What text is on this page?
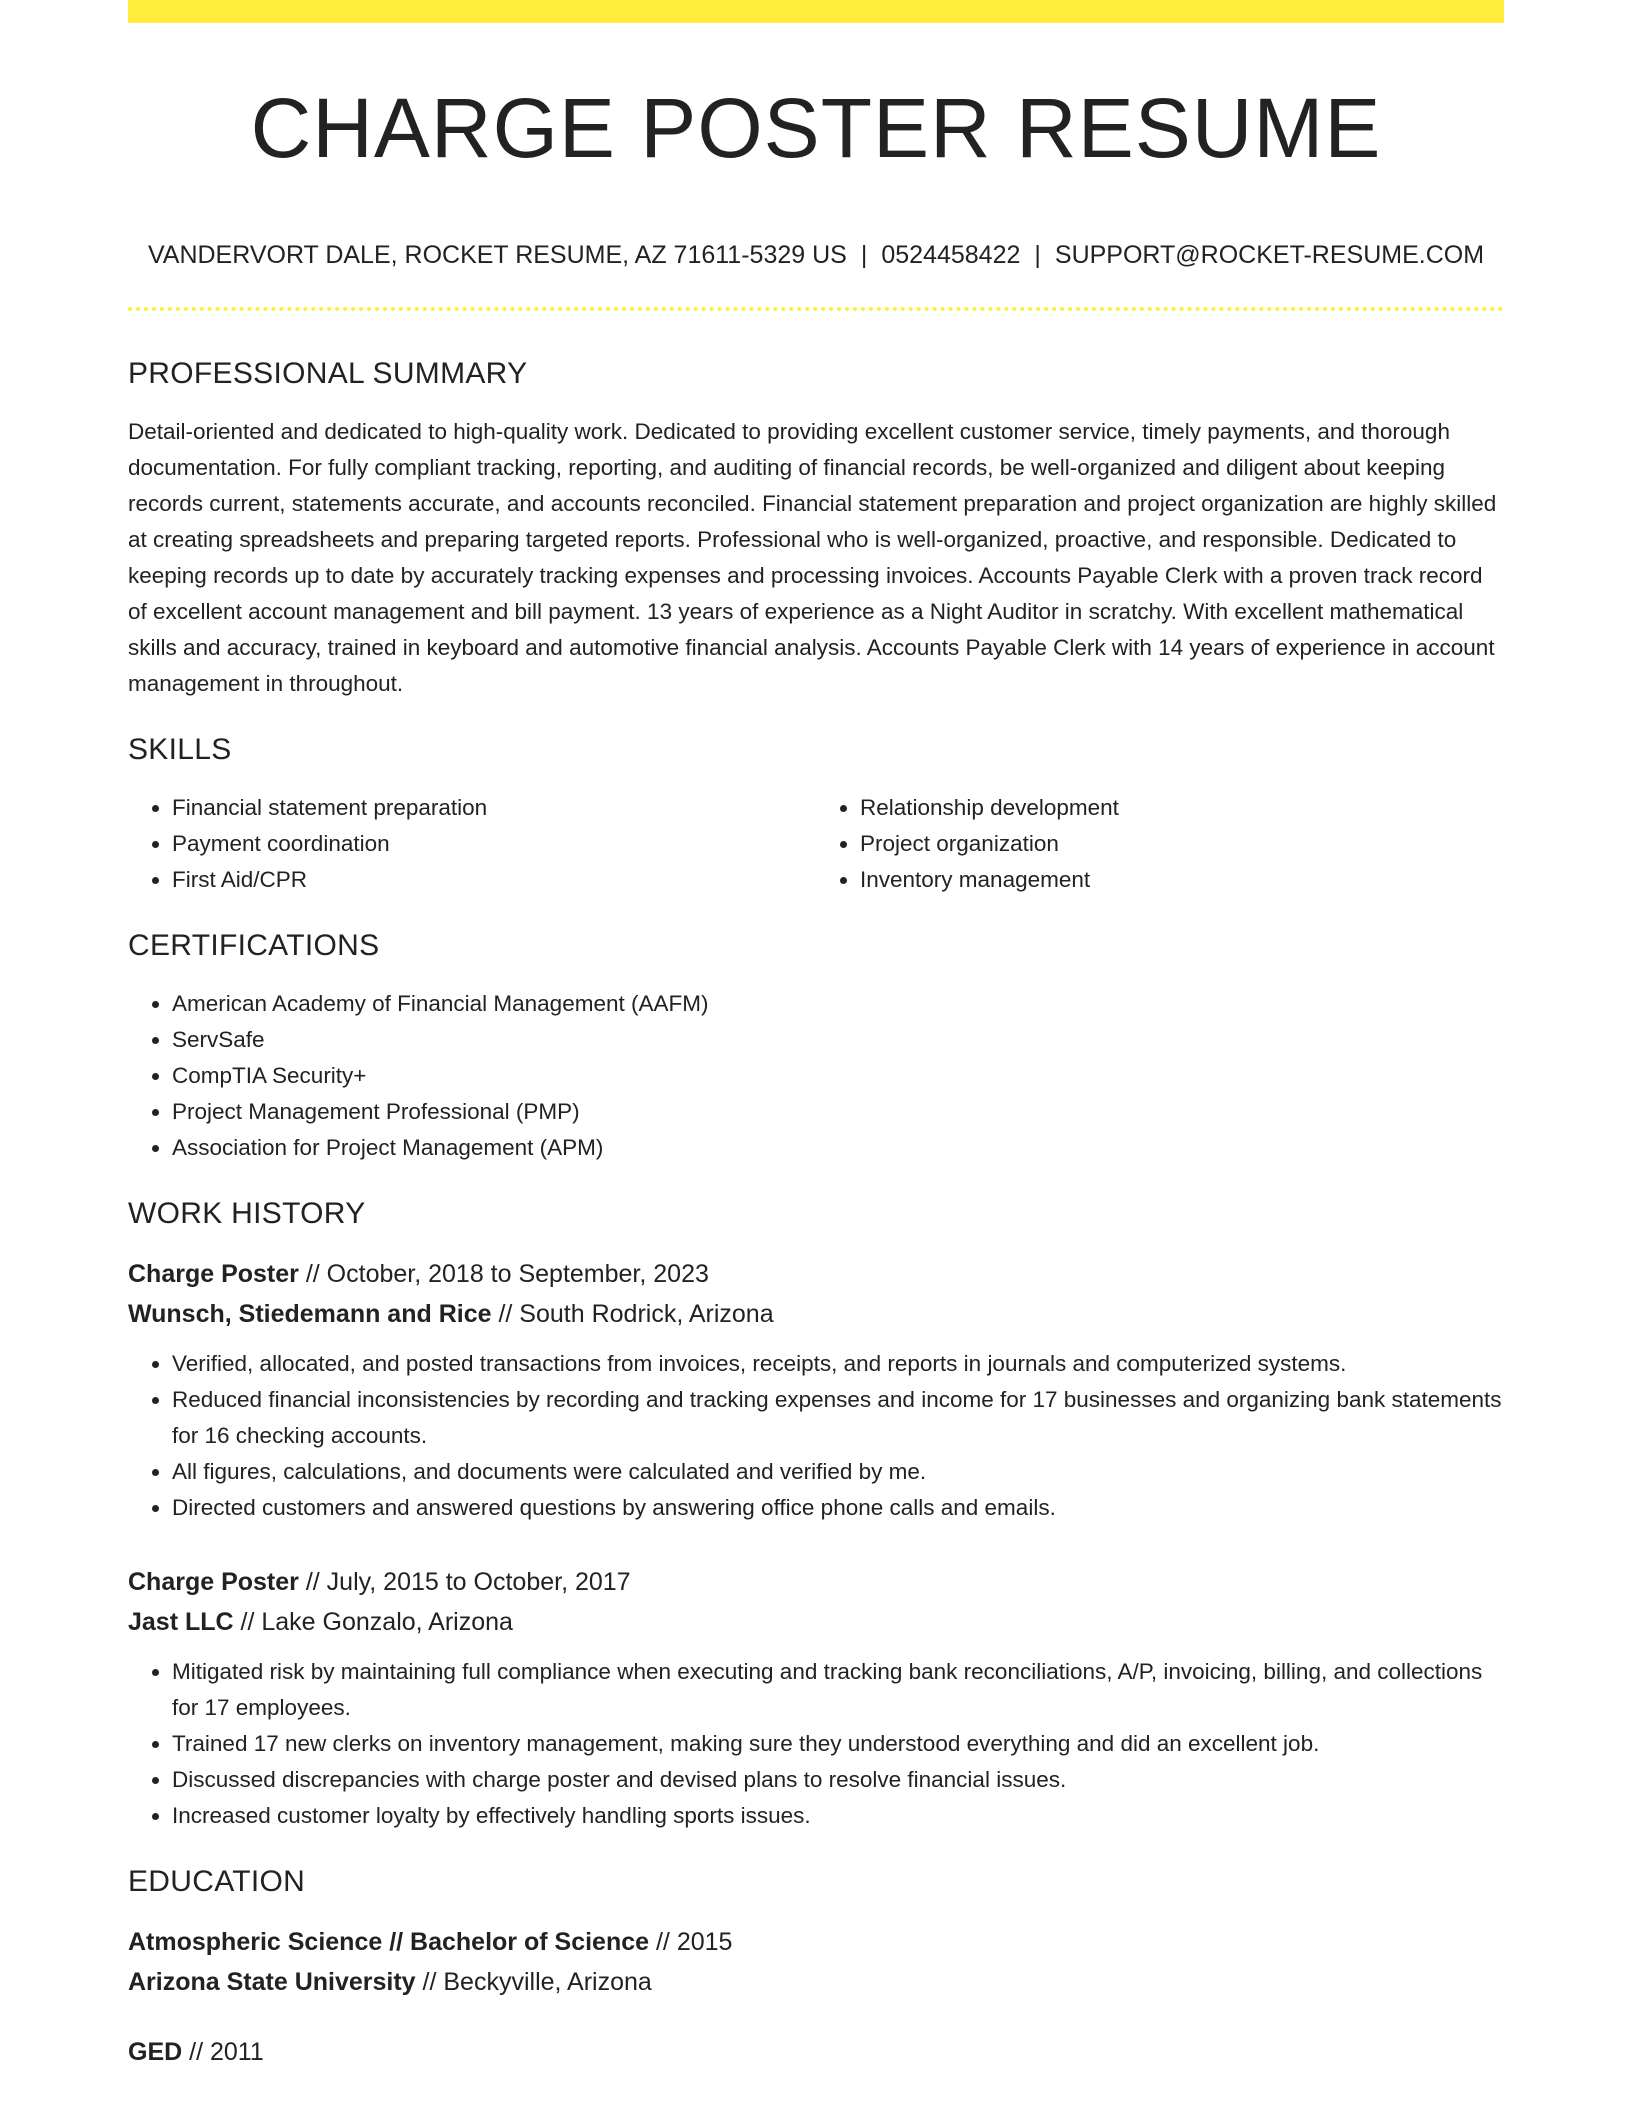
CHARGE POSTER RESUME
VANDERVORT DALE, ROCKET RESUME, AZ 71611-5329 US | 0524458422 | SUPPORT@ROCKET-RESUME.COM
PROFESSIONAL SUMMARY

Detail-oriented and dedicated to high-quality work. Dedicated to providing excellent customer service, timely payments, and thorough documentation. For fully compliant tracking, reporting, and auditing of financial records, be well-organized and diligent about keeping records current, statements accurate, and accounts reconciled. Financial statement preparation and project organization are highly skilled at creating spreadsheets and preparing targeted reports. Professional who is well-organized, proactive, and responsible. Dedicated to keeping records up to date by accurately tracking expenses and processing invoices. Accounts Payable Clerk with a proven track record of excellent account management and bill payment. 13 years of experience as a Night Auditor in scratchy. With excellent mathematical skills and accuracy, trained in keyboard and automotive financial analysis. Accounts Payable Clerk with 14 years of experience in account management in throughout.

SKILLS
• Financial statement preparation
• Payment coordination
• First Aid/CPR
• Relationship development
• Project organization
• Inventory management
CERTIFICATIONS
• American Academy of Financial Management (AAFM)
• ServSafe
• CompTIA Security+
• Project Management Professional (PMP)
• Association for Project Management (APM)
WORK HISTORY
Charge Poster // October, 2018 to September, 2023
Wunsch, Stiedemann and Rice // South Rodrick, Arizona
• Verified, allocated, and posted transactions from invoices, receipts, and reports in journals and computerized systems.
• Reduced financial inconsistencies by recording and tracking expenses and income for 17 businesses and organizing bank statements for 16 checking accounts.
• All figures, calculations, and documents were calculated and verified by me.
• Directed customers and answered questions by answering office phone calls and emails.
Charge Poster // July, 2015 to October, 2017
Jast LLC // Lake Gonzalo, Arizona
• Mitigated risk by maintaining full compliance when executing and tracking bank reconciliations, A/P, invoicing, billing, and collections for 17 employees.
• Trained 17 new clerks on inventory management, making sure they understood everything and did an excellent job.
• Discussed discrepancies with charge poster and devised plans to resolve financial issues.
• Increased customer loyalty by effectively handling sports issues.
EDUCATION
Atmospheric Science // Bachelor of Science // 2015
Arizona State University // Beckyville, Arizona
GED // 2011
